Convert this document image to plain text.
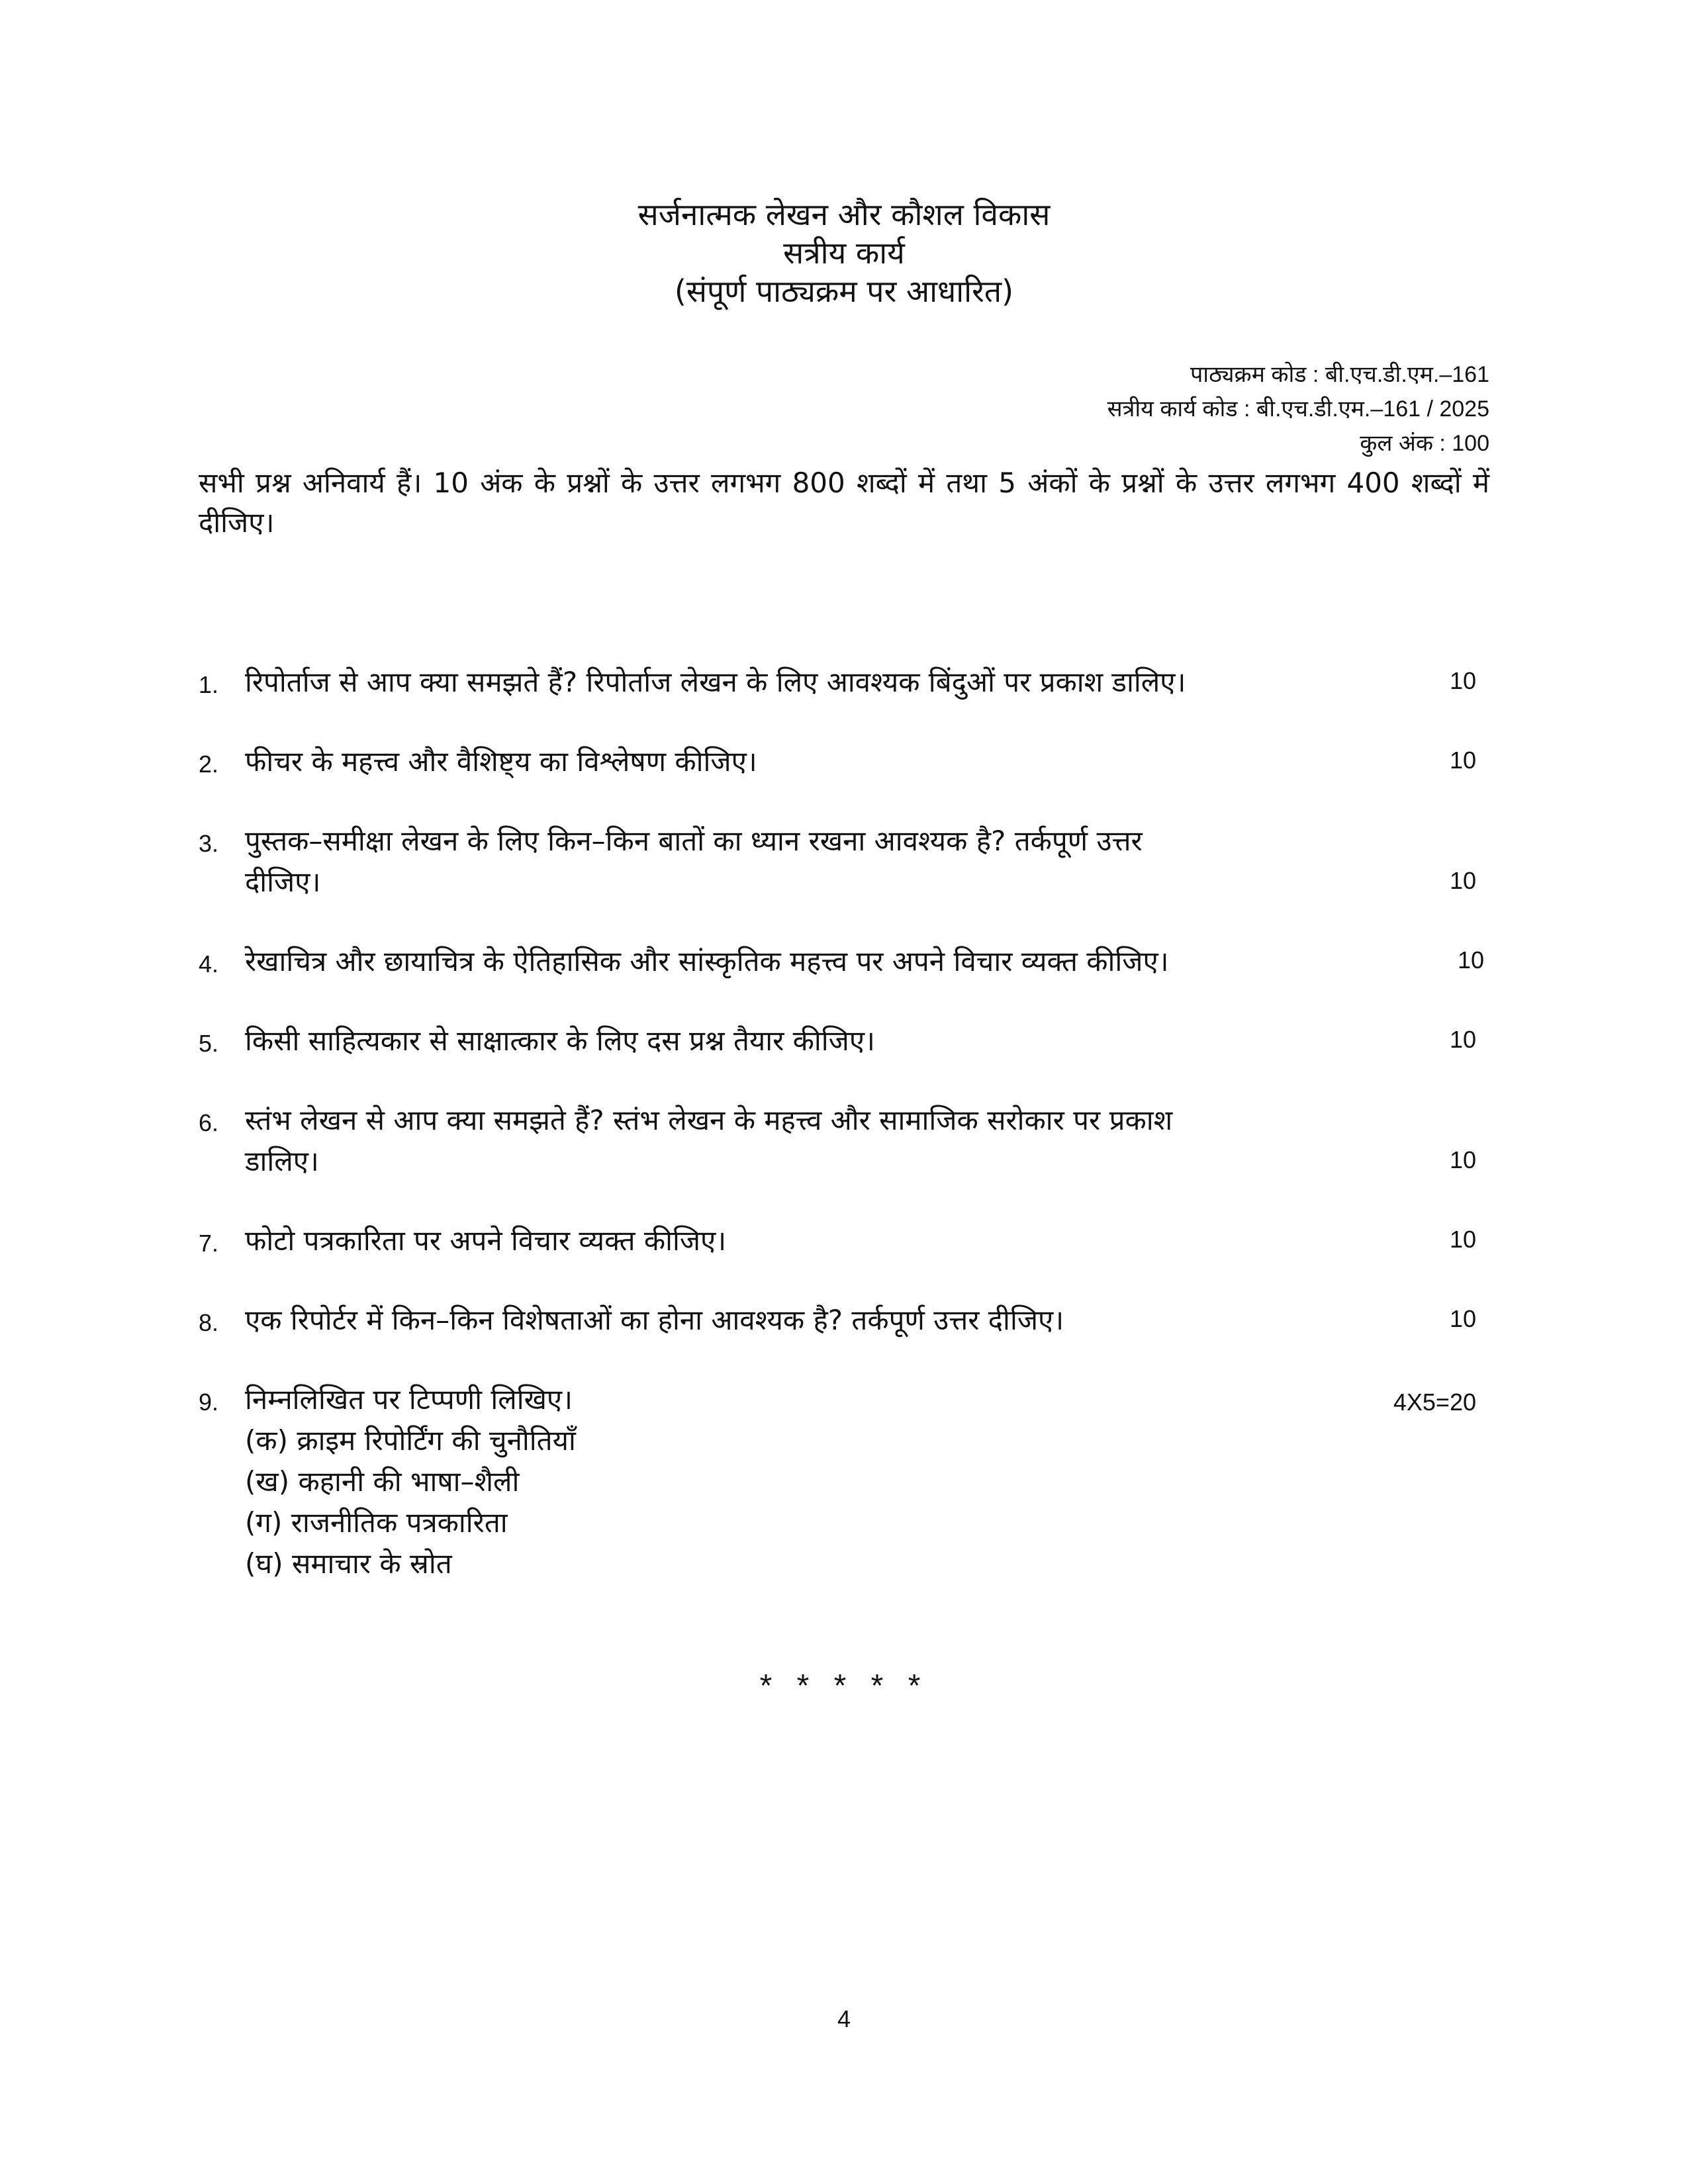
सर्जनात्मक लेखन और कौशल विकास
सत्रीय कार्य
(संपूर्ण पाठ्यक्रम पर आधारित)
पाठ्यक्रम कोड : बी.एच.डी.एम.–161
सत्रीय कार्य कोड : बी.एच.डी.एम.–161 / 2025
कुल अंक : 100
सभी प्रश्न अनिवार्य हैं। 10 अंक के प्रश्नों के उत्तर लगभग 800 शब्दों में तथा 5 अंकों के प्रश्नों के उत्तर लगभग 400 शब्दों में दीजिए।
1. रिपोर्ताज से आप क्या समझते हैं? रिपोर्ताज लेखन के लिए आवश्यक बिंदुओं पर प्रकाश डालिए।	10
2. फीचर के महत्त्व और वैशिष्ट्य का विश्लेषण कीजिए।	10
3. पुस्तक–समीक्षा लेखन के लिए किन–किन बातों का ध्यान रखना आवश्यक है? तर्कपूर्ण उत्तर दीजिए।	10
4. रेखाचित्र और छायाचित्र के ऐतिहासिक और सांस्कृतिक महत्त्व पर अपने विचार व्यक्त कीजिए।	10
5. किसी साहित्यकार से साक्षात्कार के लिए दस प्रश्न तैयार कीजिए।	10
6. स्तंभ लेखन से आप क्या समझते हैं? स्तंभ लेखन के महत्त्व और सामाजिक सरोकार पर प्रकाश डालिए।	10
7. फोटो पत्रकारिता पर अपने विचार व्यक्त कीजिए।	10
8. एक रिपोर्टर में किन–किन विशेषताओं का होना आवश्यक है? तर्कपूर्ण उत्तर दीजिए।	10
9. निम्नलिखित पर टिप्पणी लिखिए।	4X5=20
(क) क्राइम रिपोर्टिंग की चुनौतियाँ
(ख) कहानी की भाषा–शैली
(ग) राजनीतिक पत्रकारिता
(घ) समाचार के स्रोत
* * * * *
4
